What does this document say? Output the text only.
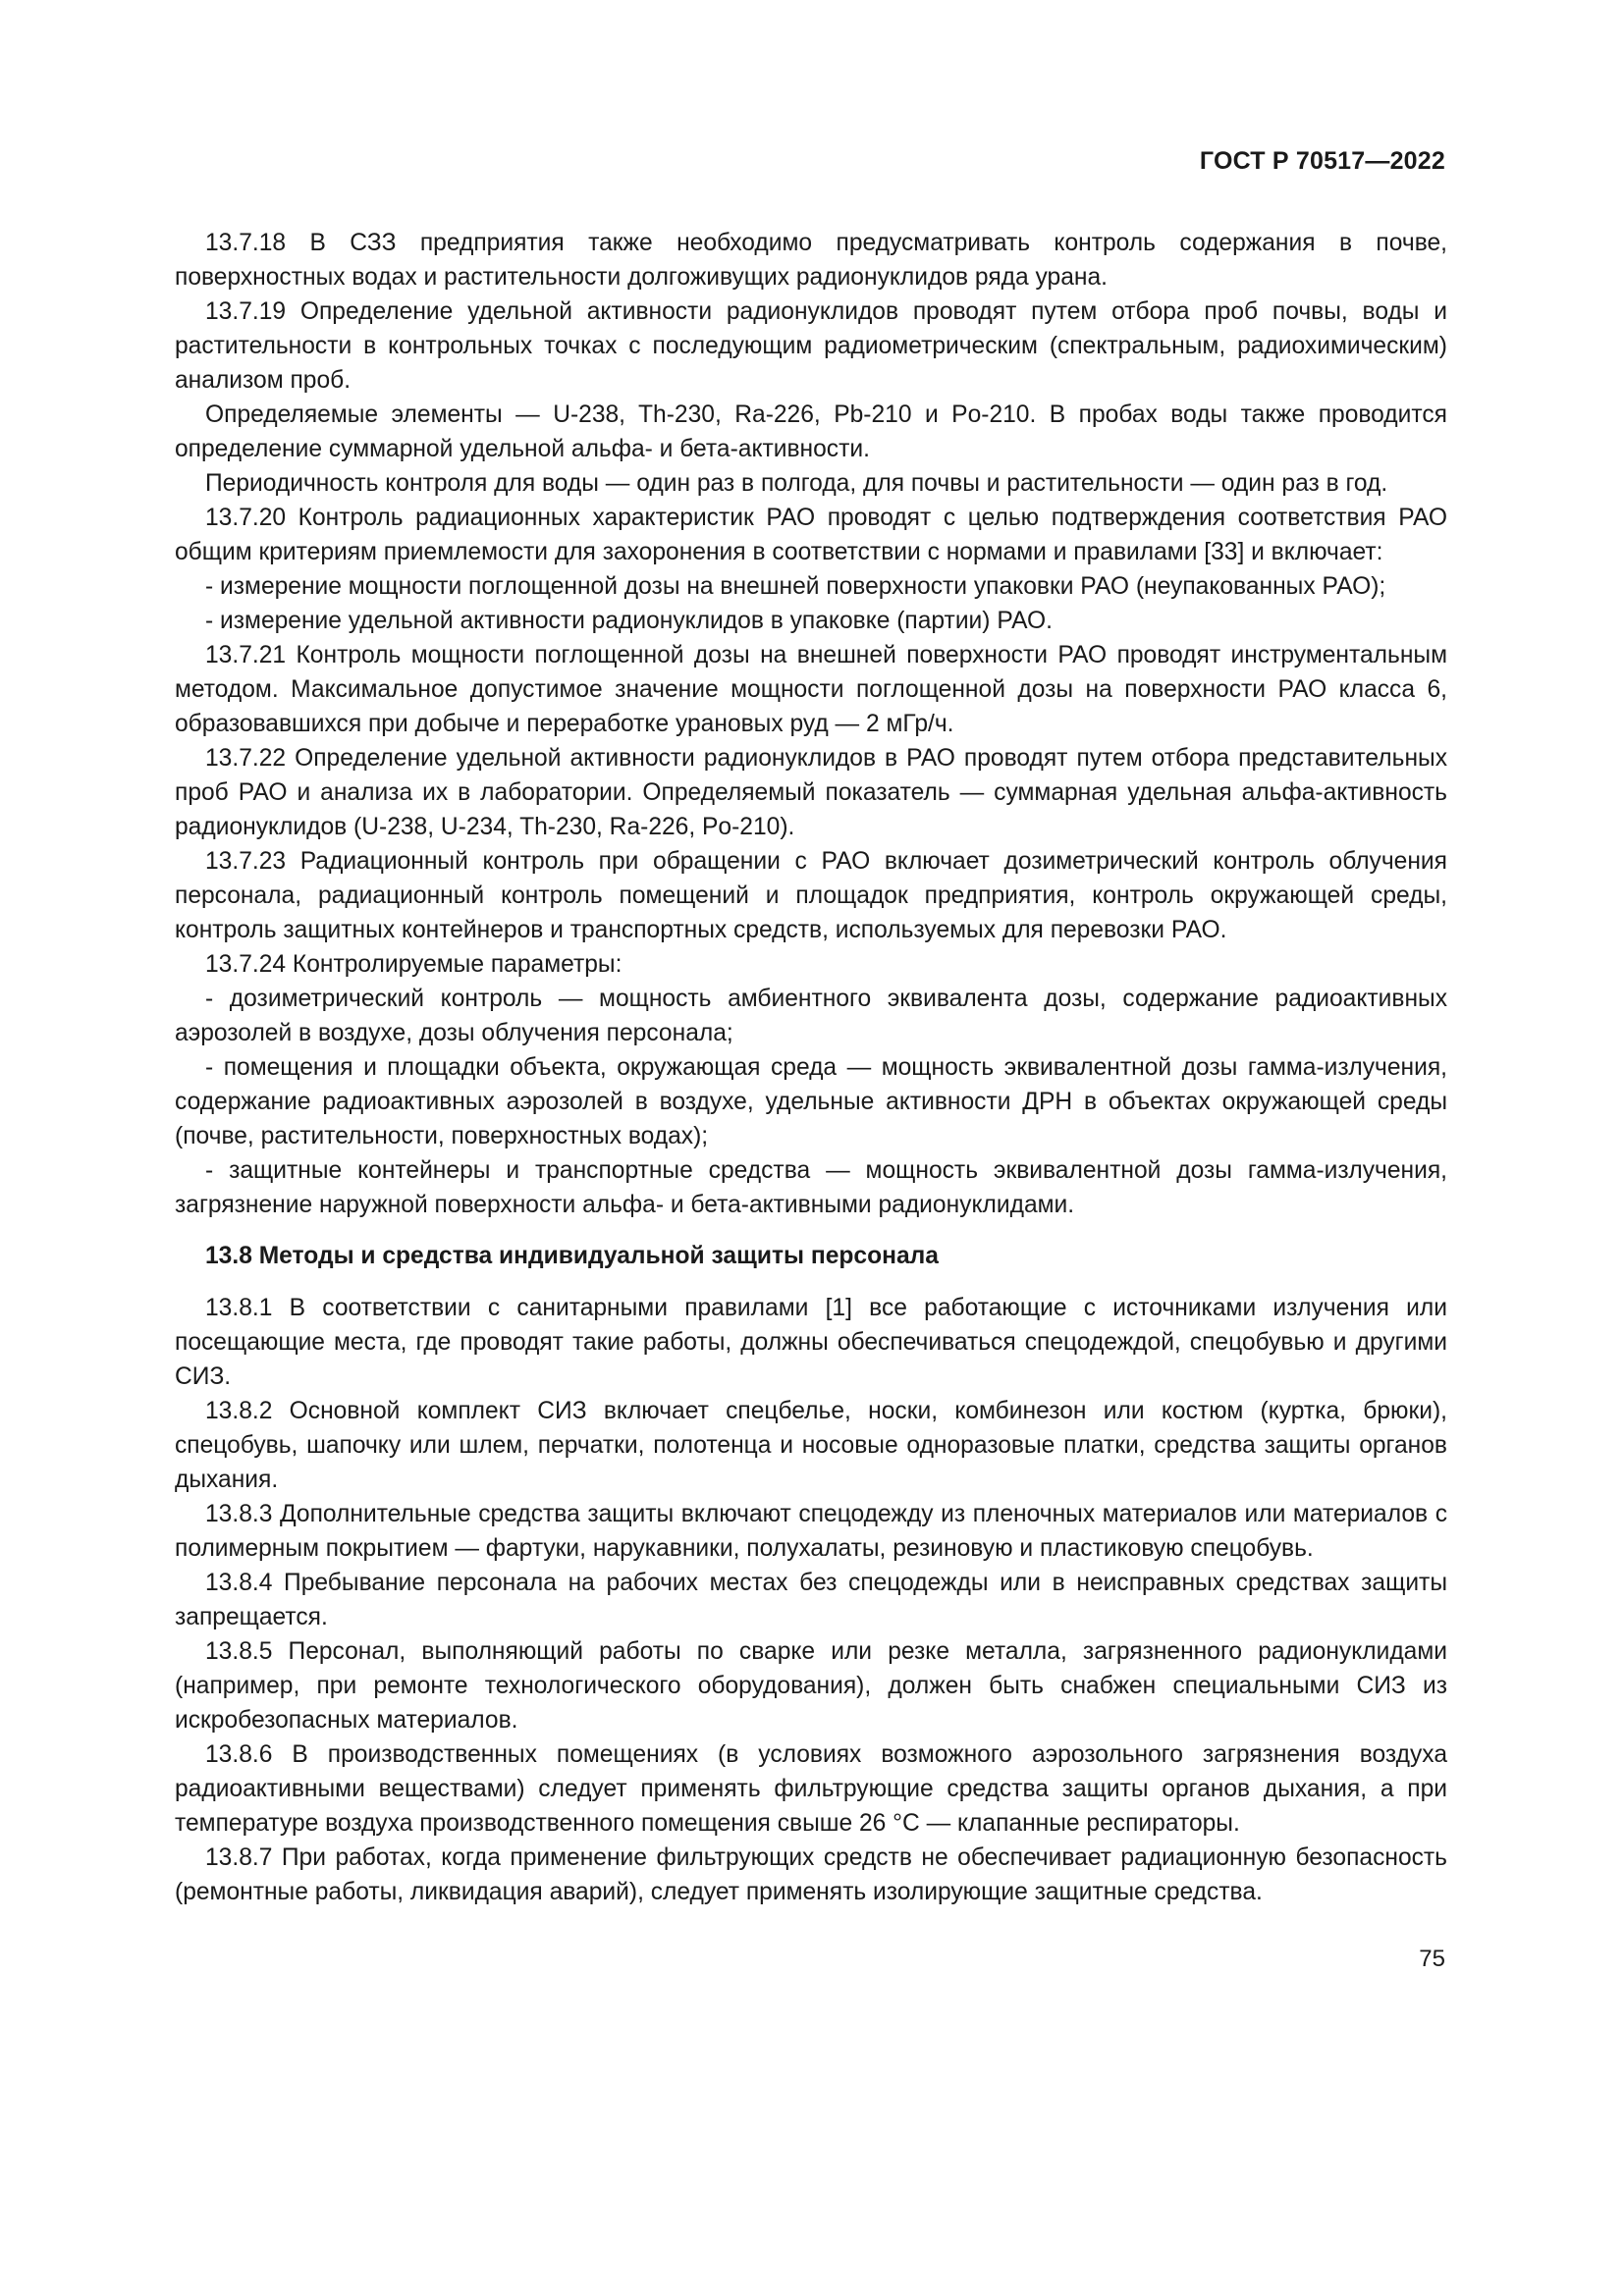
ГОСТ Р 70517—2022

13.7.18 В СЗЗ предприятия также необходимо предусматривать контроль содержания в почве, поверхностных водах и растительности долгоживущих радионуклидов ряда урана.

13.7.19 Определение удельной активности радионуклидов проводят путем отбора проб почвы, воды и растительности в контрольных точках с последующим радиометрическим (спектральным, радиохимическим) анализом проб.

Определяемые элементы — U-238, Th-230, Ra-226, Pb-210 и Po-210. В пробах воды также проводится определение суммарной удельной альфа- и бета-активности.

Периодичность контроля для воды — один раз в полгода, для почвы и растительности — один раз в год.

13.7.20 Контроль радиационных характеристик РАО проводят с целью подтверждения соответствия РАО общим критериям приемлемости для захоронения в соответствии с нормами и правилами [33] и включает:

- измерение мощности поглощенной дозы на внешней поверхности упаковки РАО (неупакованных РАО);

- измерение удельной активности радионуклидов в упаковке (партии) РАО.

13.7.21 Контроль мощности поглощенной дозы на внешней поверхности РАО проводят инструментальным методом. Максимальное допустимое значение мощности поглощенной дозы на поверхности РАО класса 6, образовавшихся при добыче и переработке урановых руд — 2 мГр/ч.

13.7.22 Определение удельной активности радионуклидов в РАО проводят путем отбора представительных проб РАО и анализа их в лаборатории. Определяемый показатель — суммарная удельная альфа-активность радионуклидов (U-238, U-234, Th-230, Ra-226, Po-210).

13.7.23 Радиационный контроль при обращении с РАО включает дозиметрический контроль облучения персонала, радиационный контроль помещений и площадок предприятия, контроль окружающей среды, контроль защитных контейнеров и транспортных средств, используемых для перевозки РАО.

13.7.24 Контролируемые параметры:

- дозиметрический контроль — мощность амбиентного эквивалента дозы, содержание радиоактивных аэрозолей в воздухе, дозы облучения персонала;

- помещения и площадки объекта, окружающая среда — мощность эквивалентной дозы гамма-излучения, содержание радиоактивных аэрозолей в воздухе, удельные активности ДРН в объектах окружающей среды (почве, растительности, поверхностных водах);

- защитные контейнеры и транспортные средства — мощность эквивалентной дозы гамма-излучения, загрязнение наружной поверхности альфа- и бета-активными радионуклидами.

13.8 Методы и средства индивидуальной защиты персонала

13.8.1 В соответствии с санитарными правилами [1] все работающие с источниками излучения или посещающие места, где проводят такие работы, должны обеспечиваться спецодеждой, спецобувью и другими СИЗ.

13.8.2 Основной комплект СИЗ включает спецбелье, носки, комбинезон или костюм (куртка, брюки), спецобувь, шапочку или шлем, перчатки, полотенца и носовые одноразовые платки, средства защиты органов дыхания.

13.8.3 Дополнительные средства защиты включают спецодежду из пленочных материалов или материалов с полимерным покрытием — фартуки, нарукавники, полухалаты, резиновую и пластиковую спецобувь.

13.8.4 Пребывание персонала на рабочих местах без спецодежды или в неисправных средствах защиты запрещается.

13.8.5 Персонал, выполняющий работы по сварке или резке металла, загрязненного радионуклидами (например, при ремонте технологического оборудования), должен быть снабжен специальными СИЗ из искробезопасных материалов.

13.8.6 В производственных помещениях (в условиях возможного аэрозольного загрязнения воздуха радиоактивными веществами) следует применять фильтрующие средства защиты органов дыхания, а при температуре воздуха производственного помещения свыше 26 °С — клапанные респираторы.

13.8.7 При работах, когда применение фильтрующих средств не обеспечивает радиационную безопасность (ремонтные работы, ликвидация аварий), следует применять изолирующие защитные средства.

75
